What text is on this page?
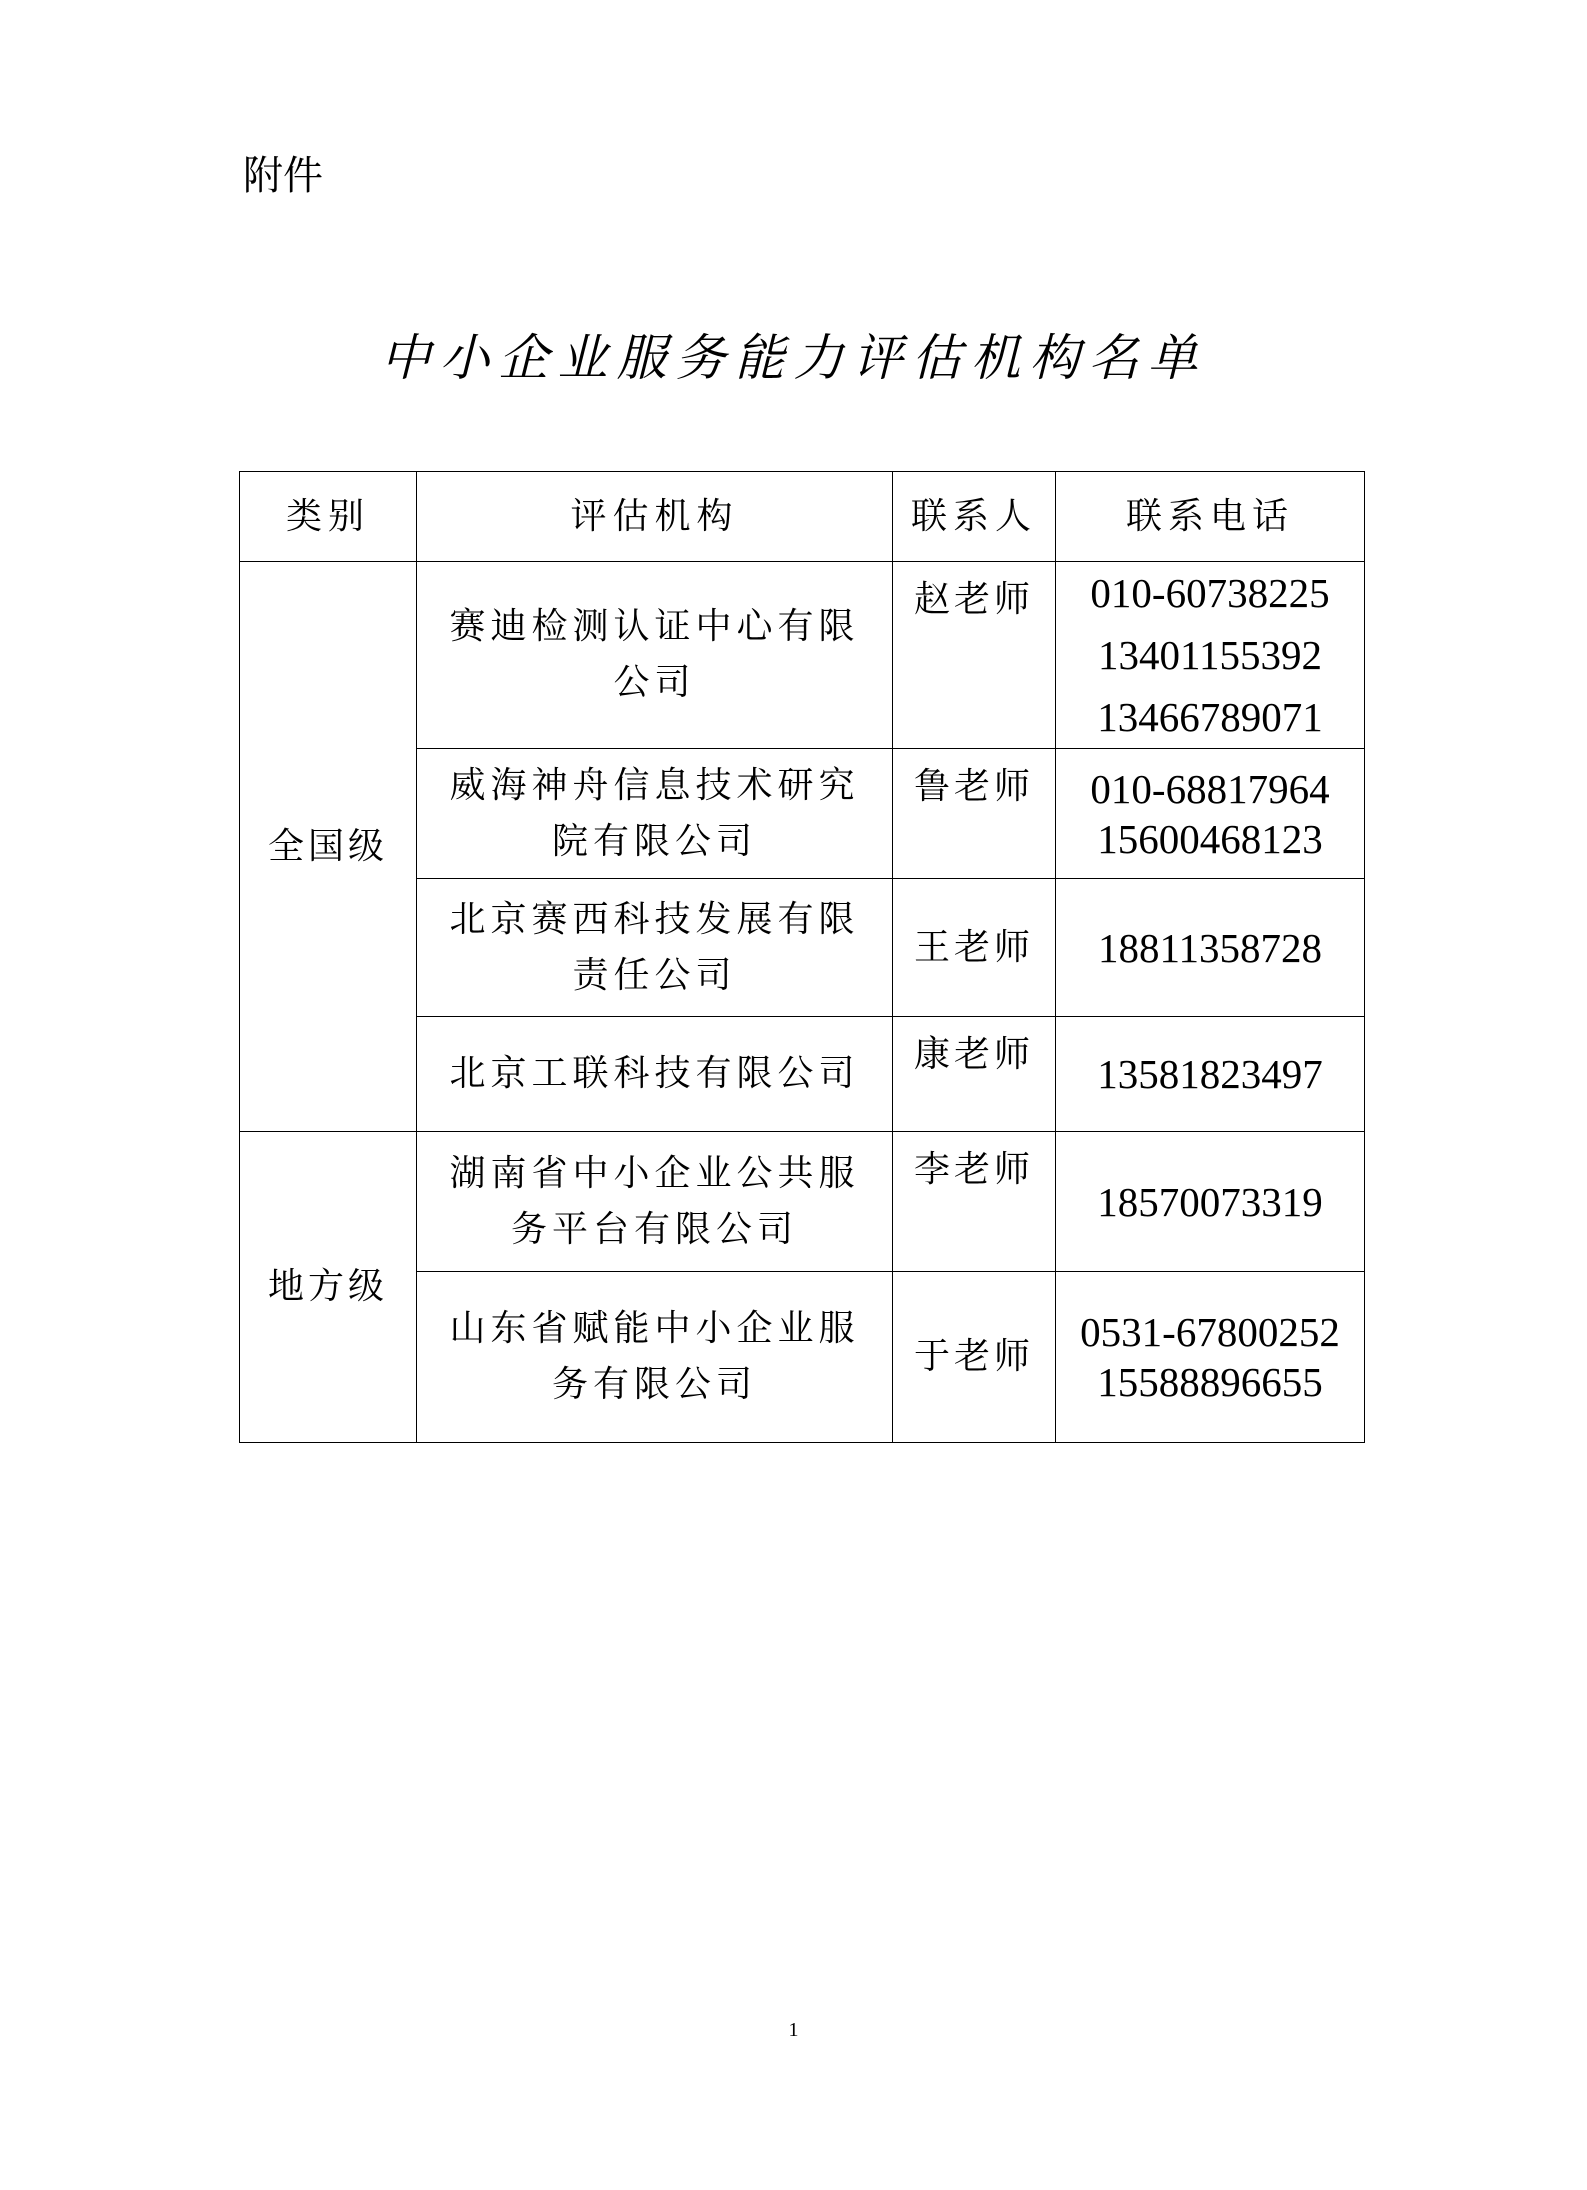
附件
中小企业服务能力评估机构名单
类别	评估机构	联系人	联系电话
全国级	赛迪检测认证中心有限公司	赵老师	010-60738225
13401155392
13466789071

	威海神舟信息技术研究院有限公司	鲁老师	010-68817964
15600468123

	北京赛西科技发展有限责任公司	王老师	18811358728

	北京工联科技有限公司	康老师	13581823497

地方级	湖南省中小企业公共服务平台有限公司	李老师	18570073319

	山东省赋能中小企业服务有限公司	于老师	0531-67800252
15588896655
1
